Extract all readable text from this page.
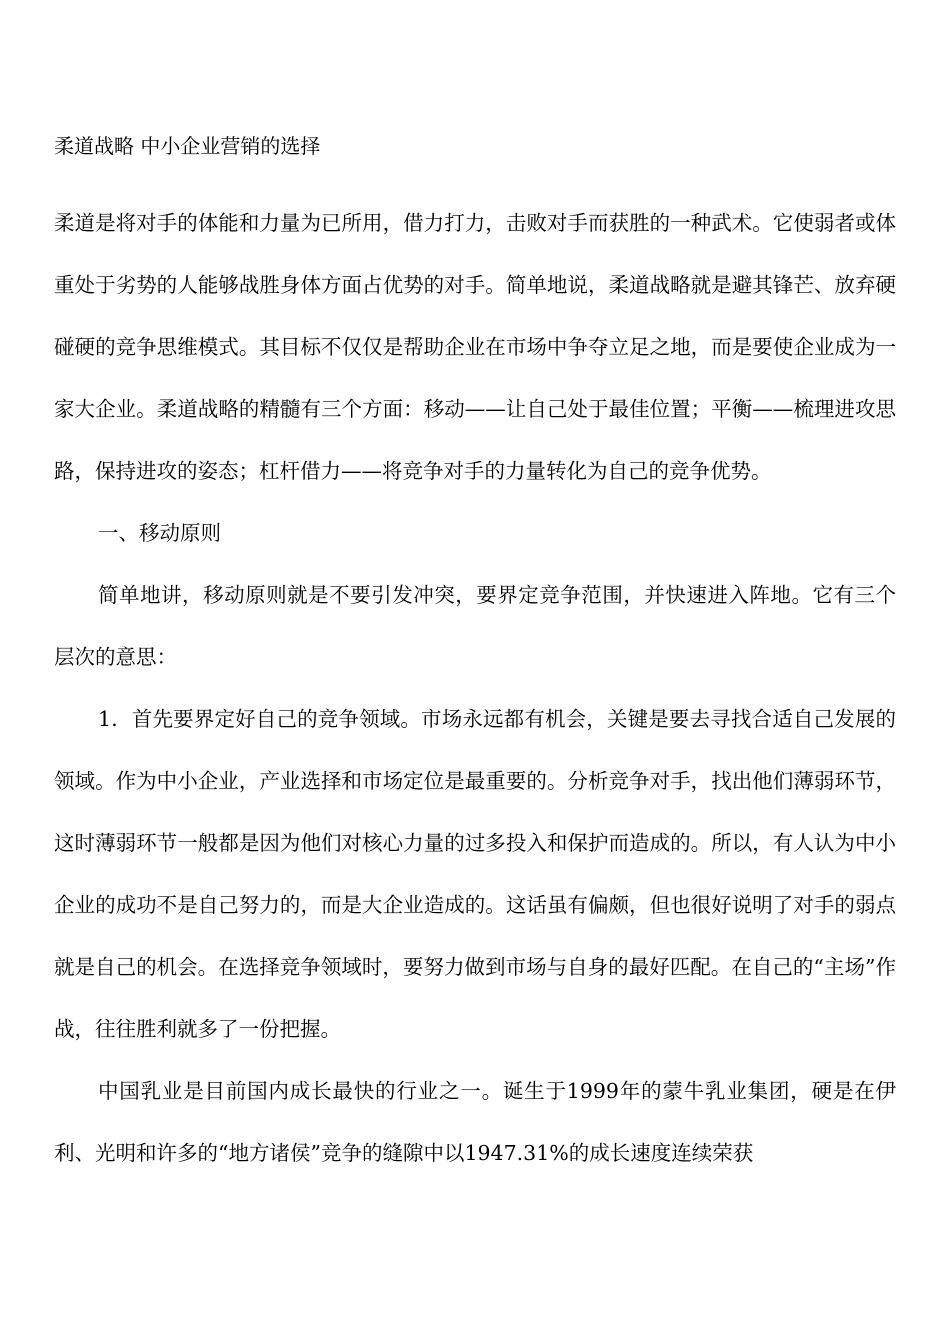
柔道战略 中小企业营销的选择

柔道是将对手的体能和力量为已所用，借力打力，击败对手而获胜的一种武术。它使弱者或体重处于劣势的人能够战胜身体方面占优势的对手。简单地说，柔道战略就是避其锋芒、放弃硬碰硬的竞争思维模式。其目标不仅仅是帮助企业在市场中争夺立足之地，而是要使企业成为一家大企业。柔道战略的精髓有三个方面：移动——让自己处于最佳位置；平衡——梳理进攻思路，保持进攻的姿态；杠杆借力——将竞争对手的力量转化为自己的竞争优势。

一、移动原则

简单地讲，移动原则就是不要引发冲突，要界定竞争范围，并快速进入阵地。它有三个层次的意思：

1．首先要界定好自己的竞争领域。市场永远都有机会，关键是要去寻找合适自己发展的领域。作为中小企业，产业选择和市场定位是最重要的。分析竞争对手，找出他们薄弱环节，这时薄弱环节一般都是因为他们对核心力量的过多投入和保护而造成的。所以，有人认为中小企业的成功不是自己努力的，而是大企业造成的。这话虽有偏颇，但也很好说明了对手的弱点就是自己的机会。在选择竞争领域时，要努力做到市场与自身的最好匹配。在自己的“主场”作战，往往胜利就多了一份把握。

中国乳业是目前国内成长最快的行业之一。诞生于1999年的蒙牛乳业集团，硬是在伊利、光明和许多的“地方诸侯”竞争的缝隙中以1947.31%的成长速度连续荣获
